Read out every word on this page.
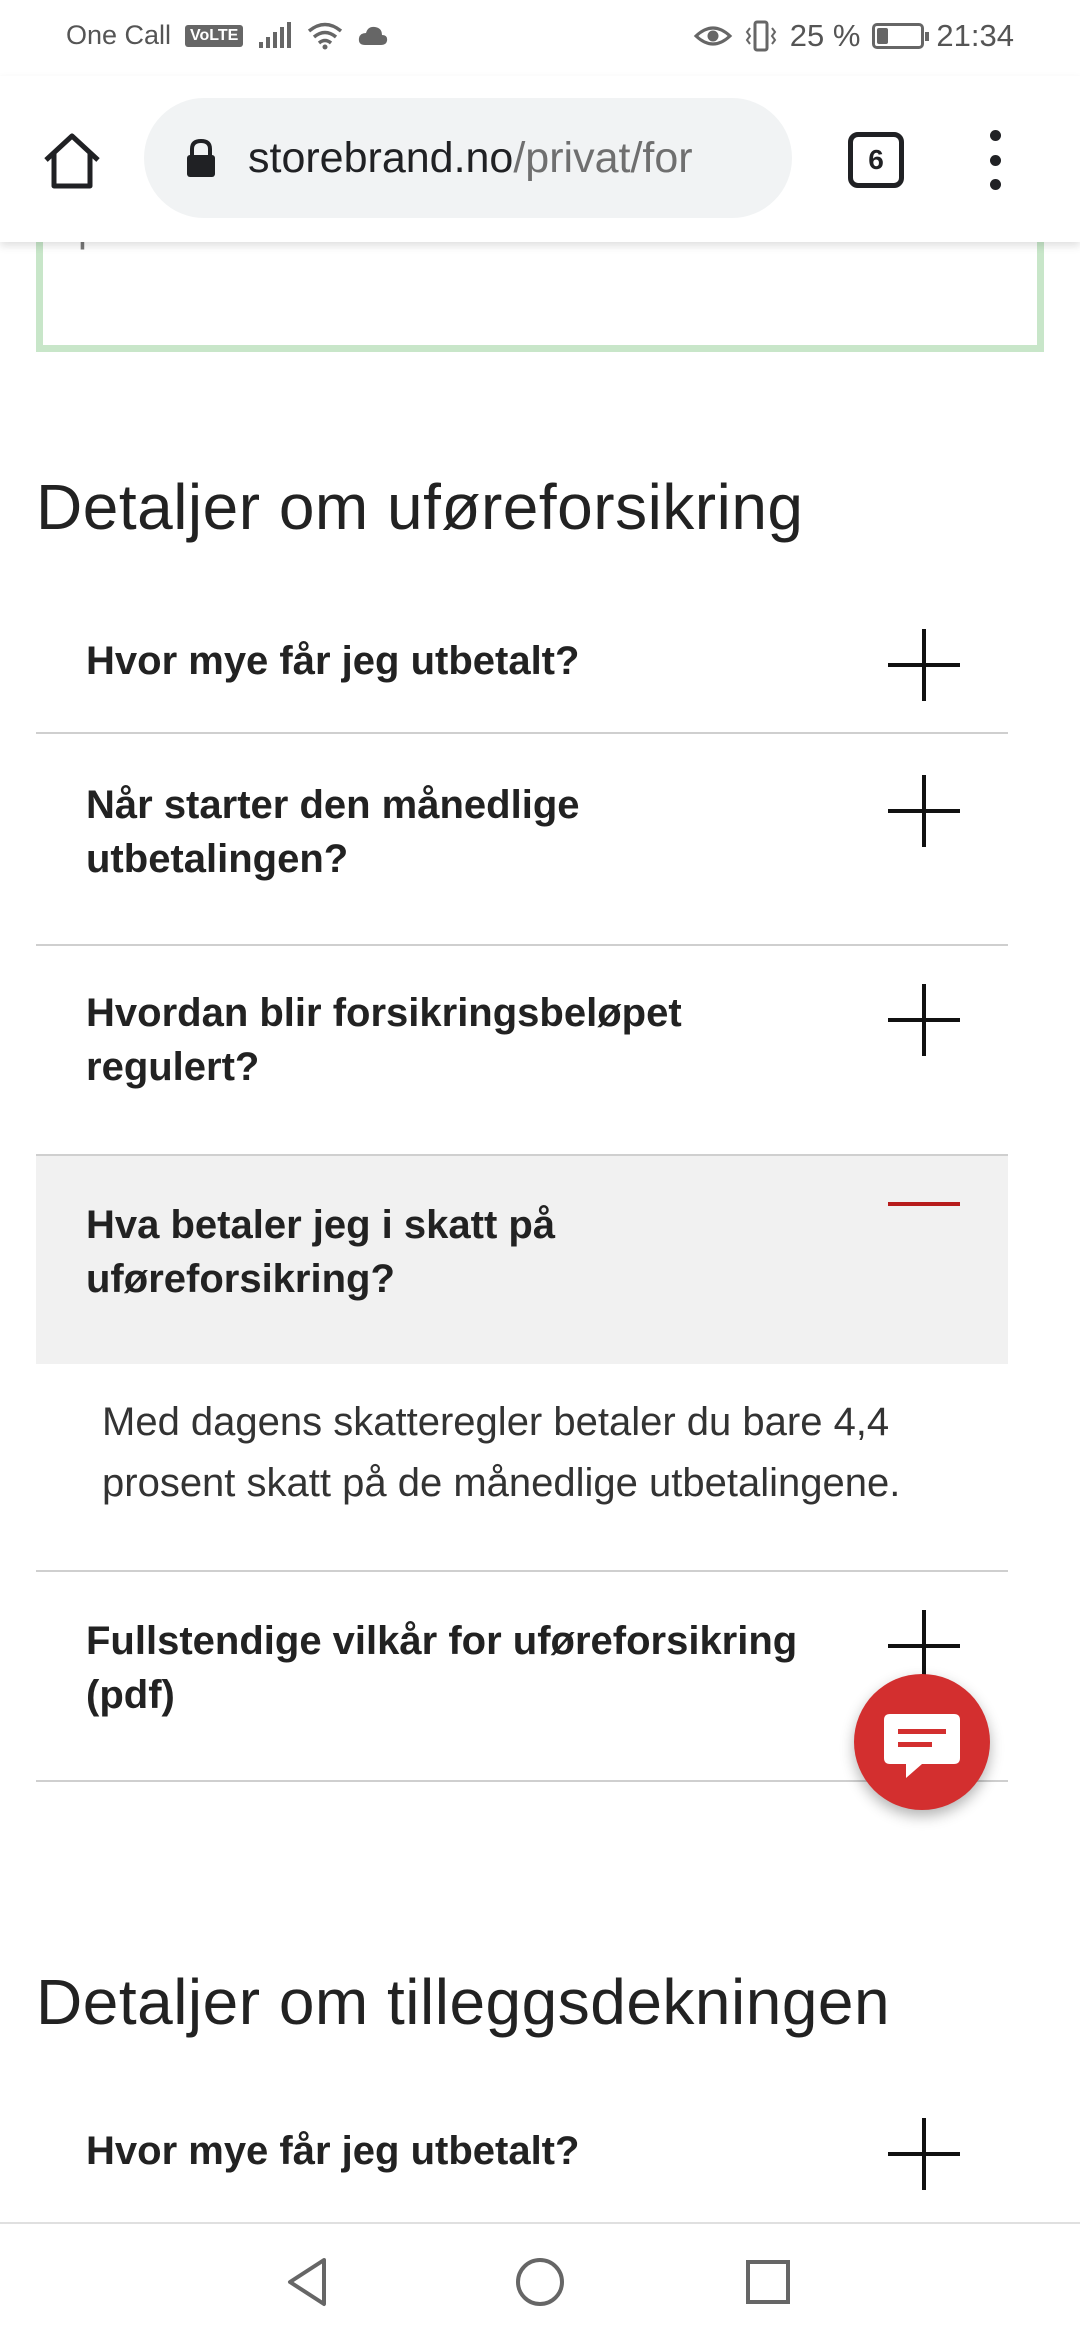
One Call	VoLTE	25 % 21:34
storebrand.no /privat/for	6
Detaljer om uføreforsikring
Hvor mye får jeg utbetalt?
Når starter den månedlige utbetalingen?
Hvordan blir forsikringsbeløpet regulert?
Hva betaler jeg i skatt på uføreforsikring?
Med dagens skatteregler betaler du bare 4,4 prosent skatt på de månedlige utbetalingene.
Fullstendige vilkår for uføreforsikring (pdf)
Detaljer om tilleggsdekningen
Hvor mye får jeg utbetalt?
